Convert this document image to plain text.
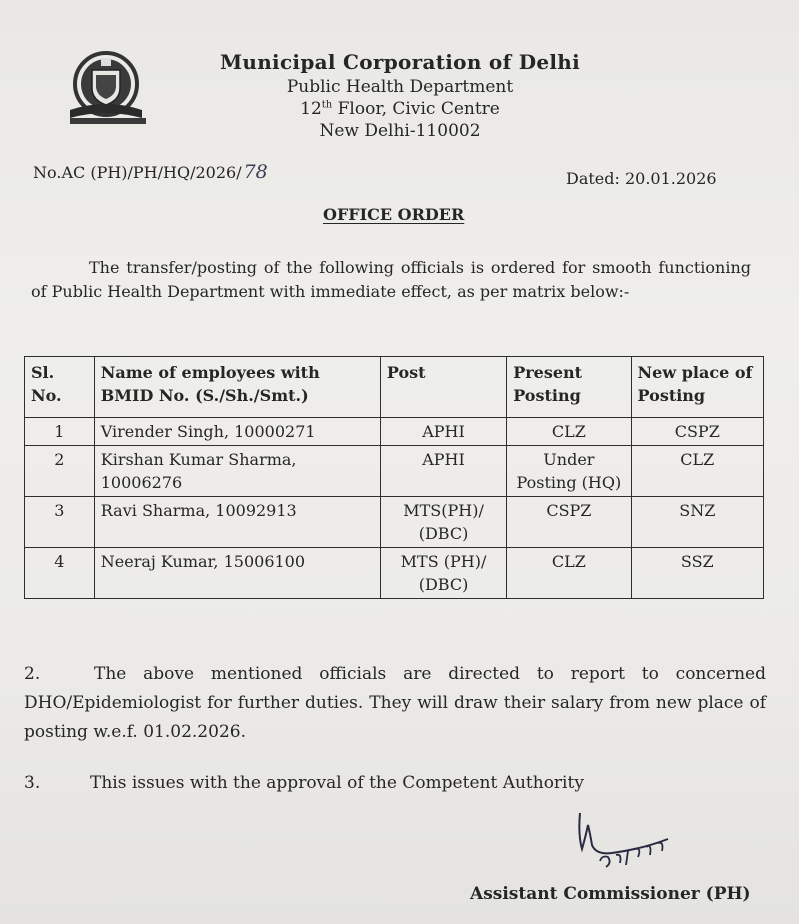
Municipal Corporation of Delhi
Public Health Department
12th Floor, Civic Centre
New Delhi-110002
No.AC (PH)/PH/HQ/2026/ 78	Dated: 20.01.2026
OFFICE ORDER
The transfer/posting of the following officials is ordered for smooth functioning of Public Health Department with immediate effect, as per matrix below:-
Sl. No.	Name of employees with BMID No. (S./Sh./Smt.)	Post	Present Posting	New place of Posting
1	Virender Singh, 10000271	APHI	CLZ	CSPZ
2	Kirshan Kumar Sharma, 10006276	APHI	Under Posting (HQ)	CLZ
3	Ravi Sharma, 10092913	MTS(PH)/ (DBC)	CSPZ	SNZ
4	Neeraj Kumar, 15006100	MTS (PH)/ (DBC)	CLZ	SSZ
2.	The above mentioned officials are directed to report to concerned DHO/Epidemiologist for further duties. They will draw their salary from new place of posting w.e.f. 01.02.2026.
3.	This issues with the approval of the Competent Authority
Assistant Commissioner (PH)
